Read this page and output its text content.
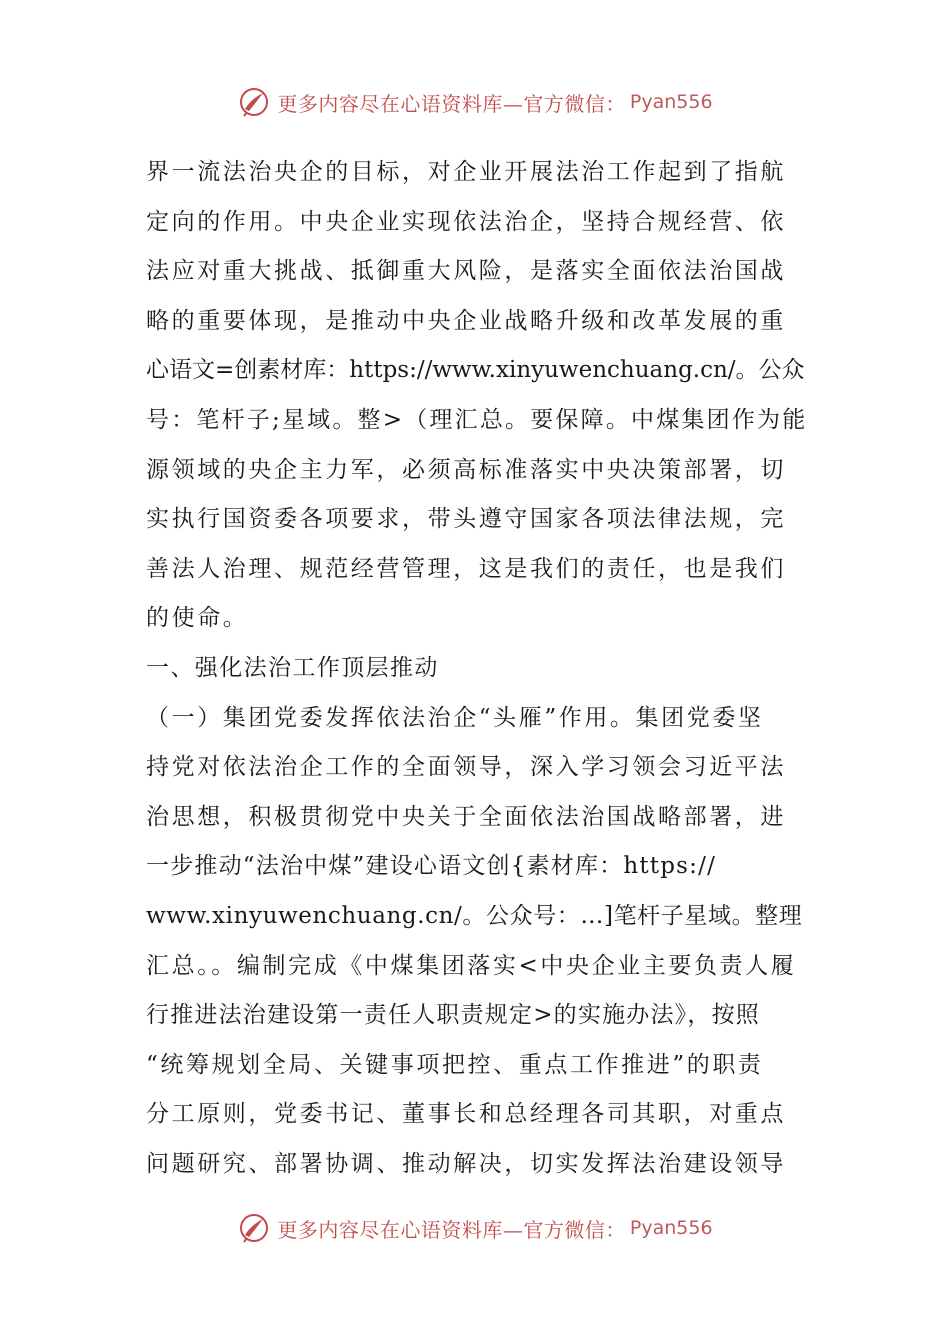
更多内容尽在心语资料库—官方微信： Pyan556
界一流法治央企的目标，对企业开展法治工作起到了指航
定向的作用。中央企业实现依法治企，坚持合规经营、依
法应对重大挑战、抵御重大风险，是落实全面依法治国战
略的重要体现，是推动中央企业战略升级和改革发展的重
心语文=创素材库：https://www.xinyuwenchuang.cn/。公众
号：笔杆子;星域。整>（理汇总。要保障。中煤集团作为能
源领域的央企主力军，必须高标准落实中央决策部署，切
实执行国资委各项要求，带头遵守国家各项法律法规，完
善法人治理、规范经营管理，这是我们的责任，也是我们
的使命。
一、强化法治工作顶层推动
（一）集团党委发挥依法治企“头雁”作用。集团党委坚
持党对依法治企工作的全面领导，深入学习领会习近平法
治思想，积极贯彻党中央关于全面依法治国战略部署，进
一步推动“法治中煤”建设心语文创{素材库：https://
www.xinyuwenchuang.cn/。公众号：…]笔杆子星域。整理
汇总。。编制完成《中煤集团落实<中央企业主要负责人履
行推进法治建设第一责任人职责规定>的实施办法》，按照
“统筹规划全局、关键事项把控、重点工作推进”的职责
分工原则，党委书记、董事长和总经理各司其职，对重点
问题研究、部署协调、推动解决，切实发挥法治建设领导
更多内容尽在心语资料库—官方微信： Pyan556
